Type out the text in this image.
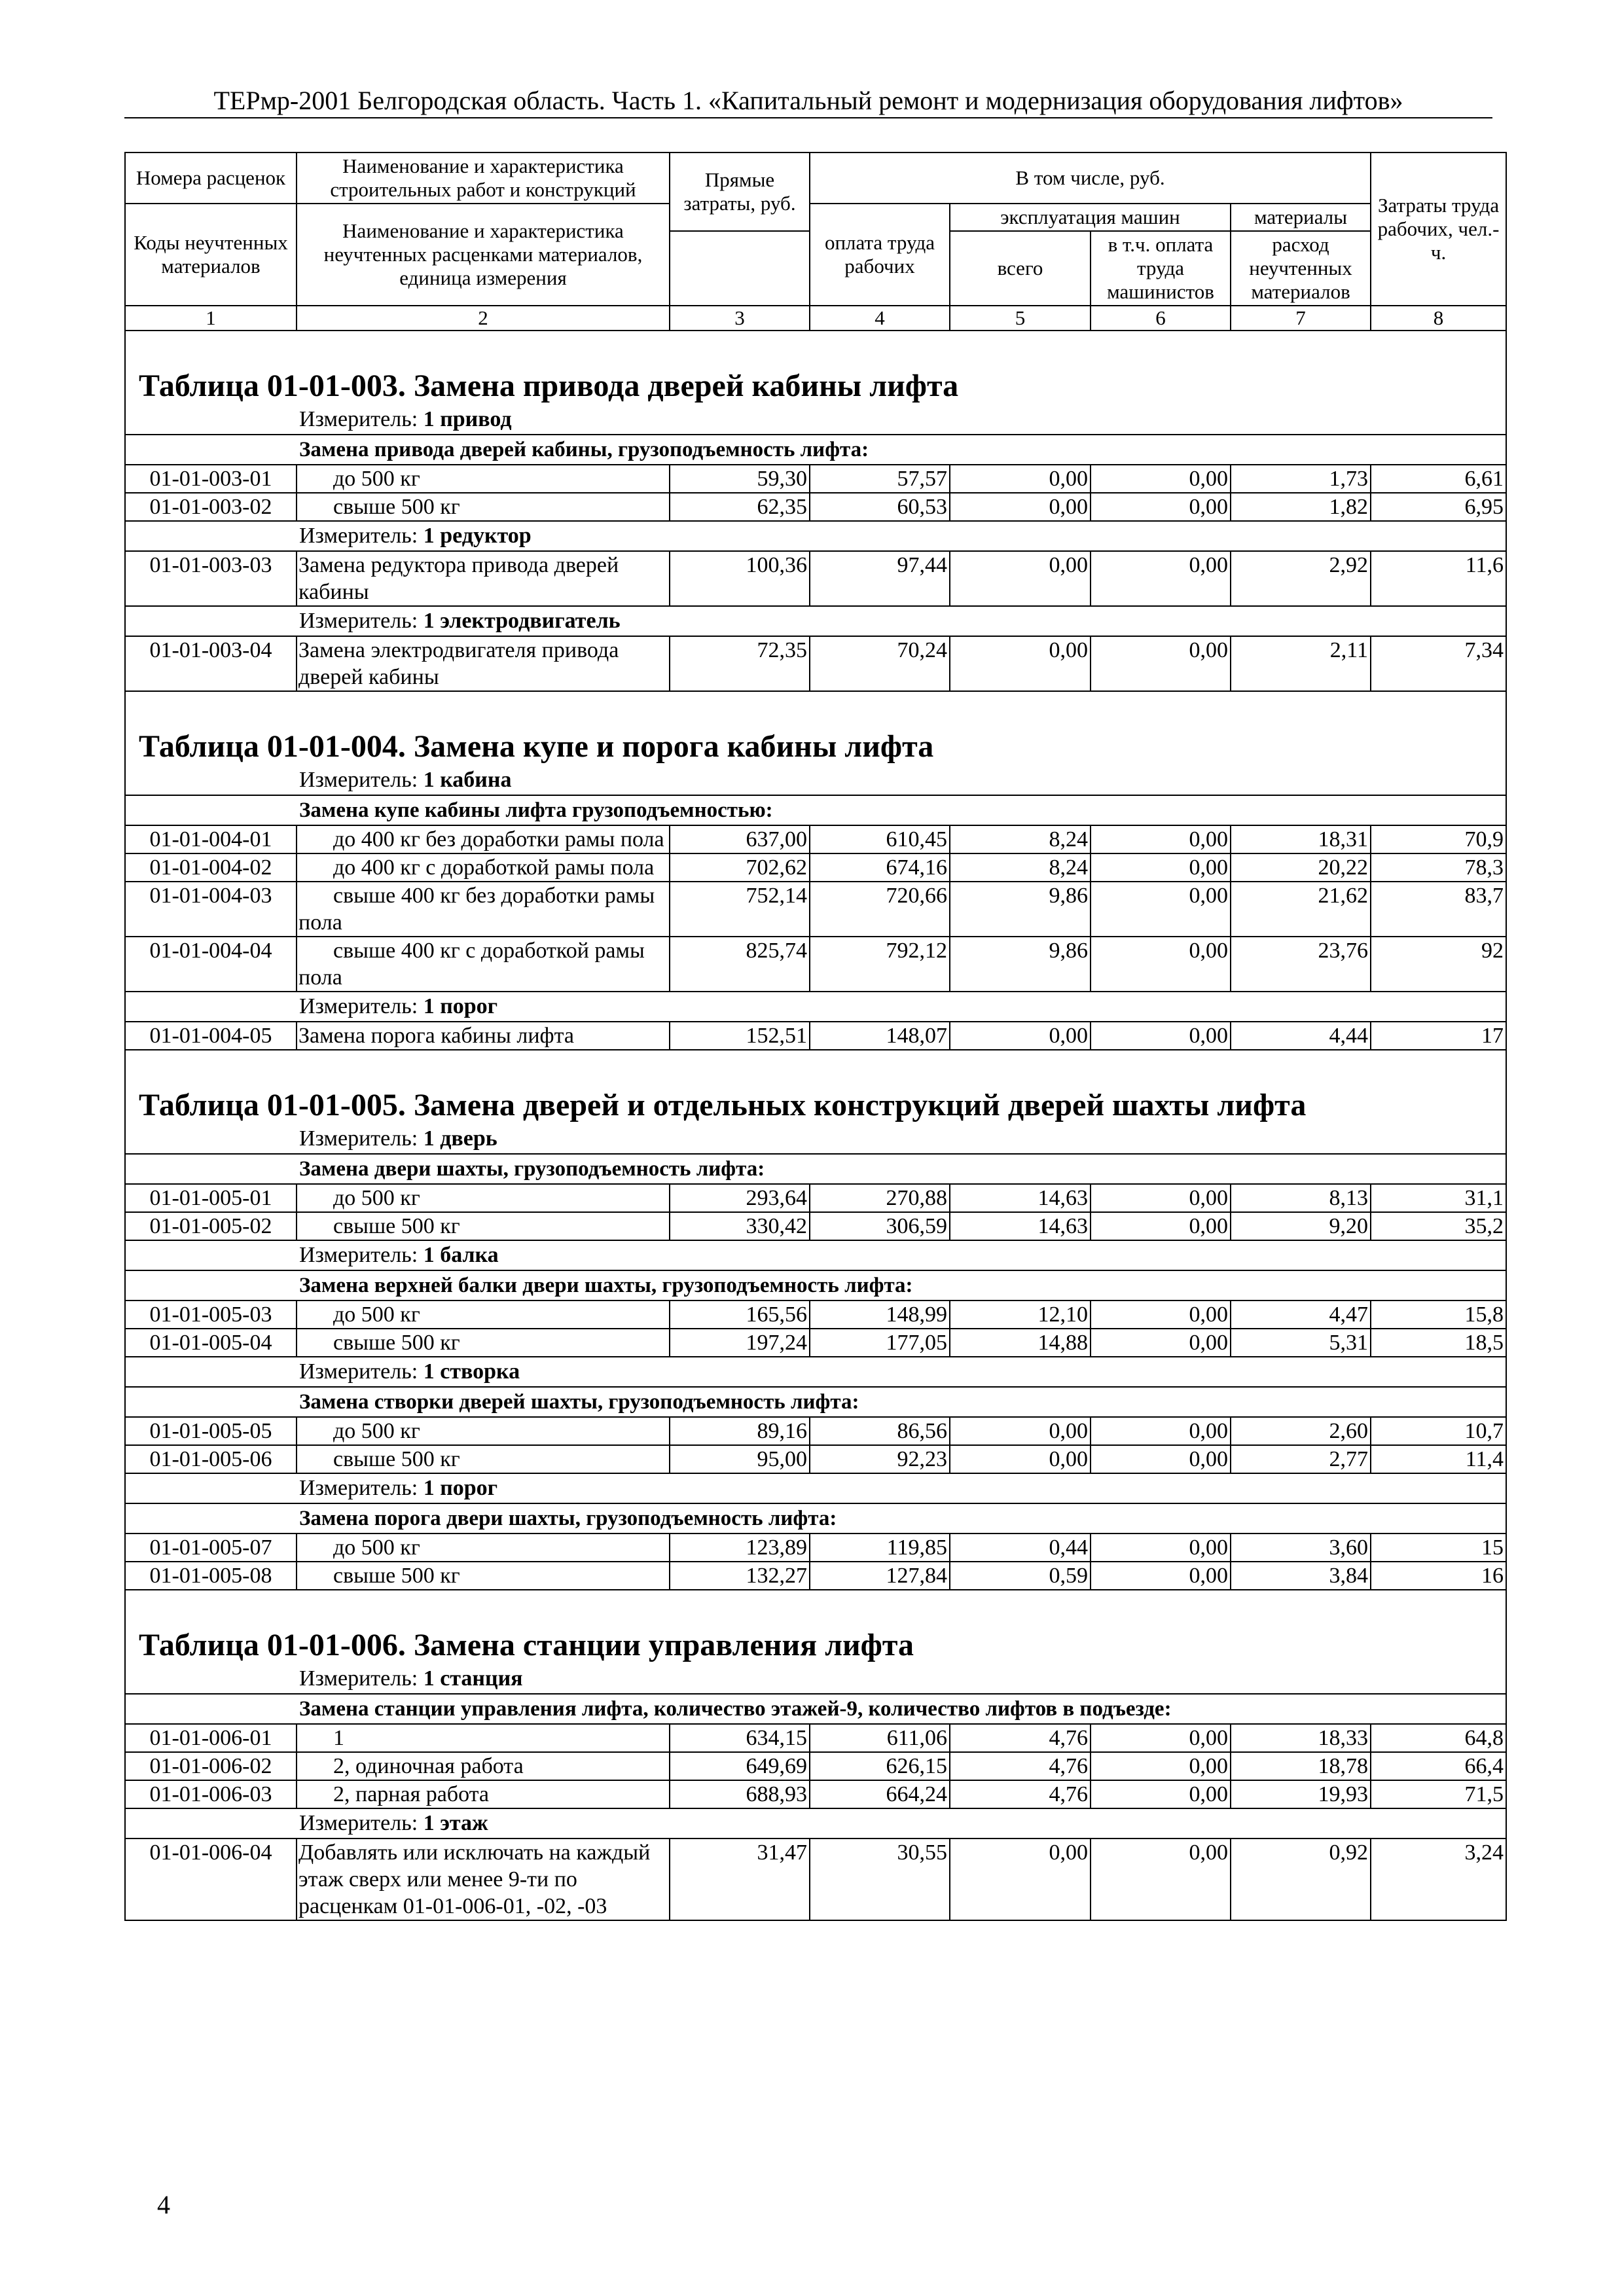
ТЕРмр-2001 Белгородская область. Часть 1. «Капитальный ремонт и модернизация оборудования лифтов»
Номера расценок	Наименование и характеристика строительных работ и конструкций	Прямые затраты, руб.	В том числе, руб.				Затраты труда рабочих, чел.-ч.
Коды неучтенных материалов	Наименование и характеристика неучтенных расценками материалов, единица измерения		оплата труда рабочих	эксплуатация машин		материалы	
				всего	в т.ч. оплата труда машинистов	расход неучтенных материалов	

1	2	3	4	5	6	7	8

Таблица 01-01-003. Замена привода дверей кабины лифта							
Измеритель: 1 привод							
Замена привода дверей кабины, грузоподъемность лифта:							
01-01-003-01	до 500 кг	59,30	57,57	0,00	0,00	1,73	6,61
01-01-003-02	свыше 500 кг	62,35	60,53	0,00	0,00	1,82	6,95
Измеритель: 1 редуктор							
01-01-003-03	Замена редуктора привода дверей кабины	100,36	97,44	0,00	0,00	2,92	11,6
Измеритель: 1 электродвигатель							
01-01-003-04	Замена электродвигателя привода дверей кабины	72,35	70,24	0,00	0,00	2,11	7,34

Таблица 01-01-004. Замена купе и порога кабины лифта							
Измеритель: 1 кабина							
Замена купе кабины лифта грузоподъемностью:							
01-01-004-01	до 400 кг без доработки рамы пола	637,00	610,45	8,24	0,00	18,31	70,9
01-01-004-02	до 400 кг с доработкой рамы пола	702,62	674,16	8,24	0,00	20,22	78,3
01-01-004-03	свыше 400 кг без доработки рамы пола	752,14	720,66	9,86	0,00	21,62	83,7
01-01-004-04	свыше 400 кг с доработкой рамы пола	825,74	792,12	9,86	0,00	23,76	92
Измеритель: 1 порог							
01-01-004-05	Замена порога кабины лифта	152,51	148,07	0,00	0,00	4,44	17

Таблица 01-01-005. Замена дверей и отдельных конструкций дверей шахты лифта							
Измеритель: 1 дверь							
Замена двери шахты, грузоподъемность лифта:							
01-01-005-01	до 500 кг	293,64	270,88	14,63	0,00	8,13	31,1
01-01-005-02	свыше 500 кг	330,42	306,59	14,63	0,00	9,20	35,2
Измеритель: 1 балка							
Замена верхней балки двери шахты, грузоподъемность лифта:							
01-01-005-03	до 500 кг	165,56	148,99	12,10	0,00	4,47	15,8
01-01-005-04	свыше 500 кг	197,24	177,05	14,88	0,00	5,31	18,5
Измеритель: 1 створка							
Замена створки дверей шахты, грузоподъемность лифта:							
01-01-005-05	до 500 кг	89,16	86,56	0,00	0,00	2,60	10,7
01-01-005-06	свыше 500 кг	95,00	92,23	0,00	0,00	2,77	11,4
Измеритель: 1 порог							
Замена порога двери шахты, грузоподъемность лифта:							
01-01-005-07	до 500 кг	123,89	119,85	0,44	0,00	3,60	15
01-01-005-08	свыше 500 кг	132,27	127,84	0,59	0,00	3,84	16

Таблица 01-01-006. Замена станции управления лифта							
Измеритель: 1 станция							
Замена станции управления лифта, количество этажей-9, количество лифтов в подъезде:							
01-01-006-01	1	634,15	611,06	4,76	0,00	18,33	64,8
01-01-006-02	2, одиночная работа	649,69	626,15	4,76	0,00	18,78	66,4
01-01-006-03	2, парная работа	688,93	664,24	4,76	0,00	19,93	71,5
Измеритель: 1 этаж							
01-01-006-04	Добавлять или исключать на каждый этаж сверх или менее 9-ти по расценкам 01-01-006-01, -02, -03	31,47	30,55	0,00	0,00	0,92	3,24
4
